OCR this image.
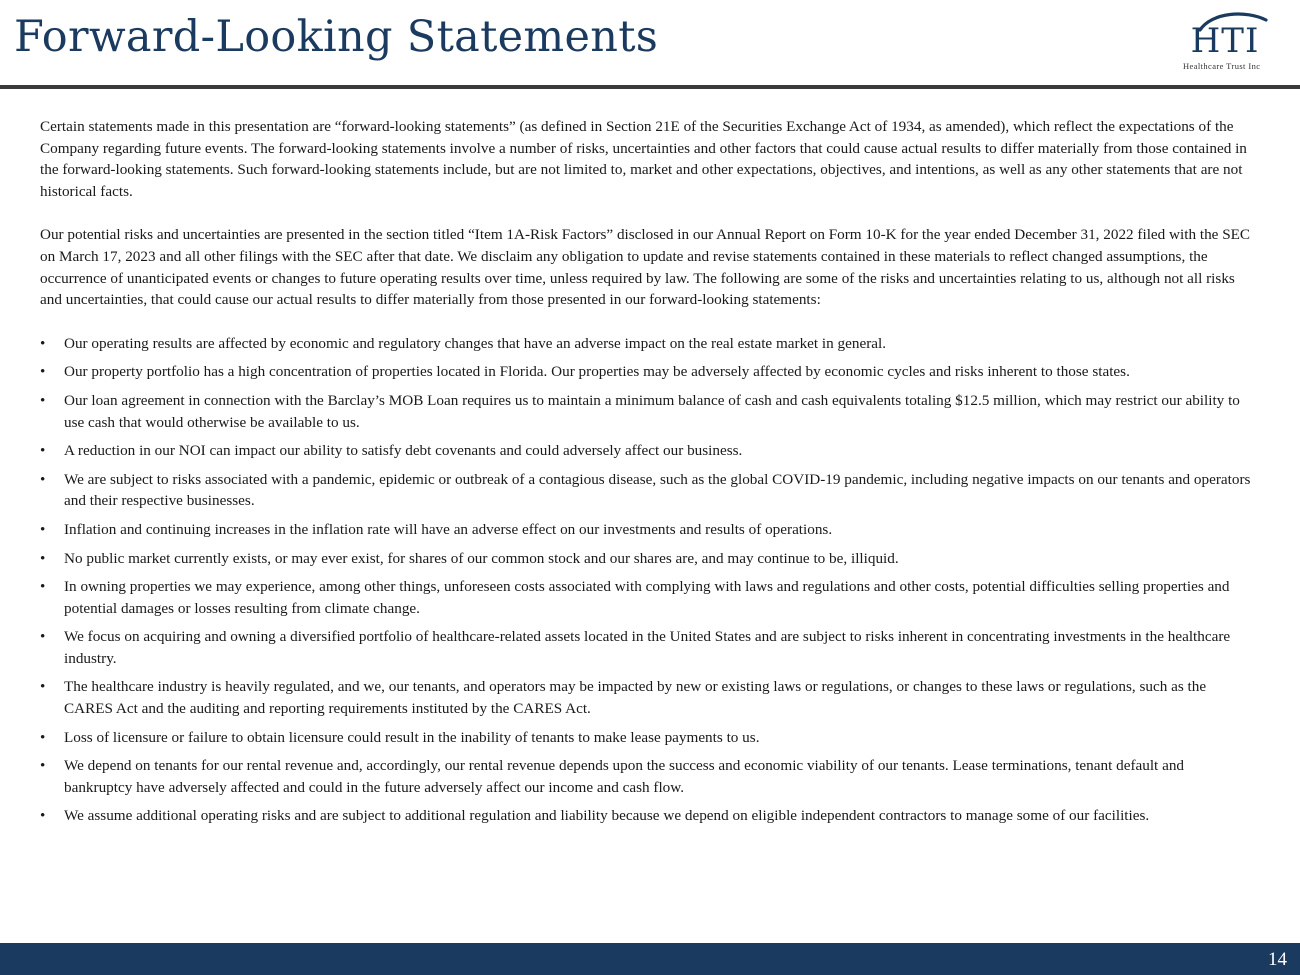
Forward-Looking Statements	HTI
Healthcare Trust Inc

Certain statements made in this presentation are “forward-looking statements” (as defined in Section 21E of the Securities Exchange Act of 1934, as amended), which reflect the expectations of the Company regarding future events. The forward-looking statements involve a number of risks, uncertainties and other factors that could cause actual results to differ materially from those contained in the forward-looking statements. Such forward-looking statements include, but are not limited to, market and other expectations, objectives, and intentions, as well as any other statements that are not historical facts.

Our potential risks and uncertainties are presented in the section titled “Item 1A-Risk Factors” disclosed in our Annual Report on Form 10-K for the year ended December 31, 2022 filed with the SEC on March 17, 2023 and all other filings with the SEC after that date. We disclaim any obligation to update and revise statements contained in these materials to reflect changed assumptions, the occurrence of unanticipated events or changes to future operating results over time, unless required by law. The following are some of the risks and uncertainties relating to us, although not all risks and uncertainties, that could cause our actual results to differ materially from those presented in our forward-looking statements:

• Our operating results are affected by economic and regulatory changes that have an adverse impact on the real estate market in general.
• Our property portfolio has a high concentration of properties located in Florida. Our properties may be adversely affected by economic cycles and risks inherent to those states.
• Our loan agreement in connection with the Barclay’s MOB Loan requires us to maintain a minimum balance of cash and cash equivalents totaling $12.5 million, which may restrict our ability to use cash that would otherwise be available to us.
• A reduction in our NOI can impact our ability to satisfy debt covenants and could adversely affect our business.
• We are subject to risks associated with a pandemic, epidemic or outbreak of a contagious disease, such as the global COVID-19 pandemic, including negative impacts on our tenants and operators and their respective businesses.
• Inflation and continuing increases in the inflation rate will have an adverse effect on our investments and results of operations.
• No public market currently exists, or may ever exist, for shares of our common stock and our shares are, and may continue to be, illiquid.
• In owning properties we may experience, among other things, unforeseen costs associated with complying with laws and regulations and other costs, potential difficulties selling properties and potential damages or losses resulting from climate change.
• We focus on acquiring and owning a diversified portfolio of healthcare-related assets located in the United States and are subject to risks inherent in concentrating investments in the healthcare industry.
• The healthcare industry is heavily regulated, and we, our tenants, and operators may be impacted by new or existing laws or regulations, or changes to these laws or regulations, such as the CARES Act and the auditing and reporting requirements instituted by the CARES Act.
• Loss of licensure or failure to obtain licensure could result in the inability of tenants to make lease payments to us.
• We depend on tenants for our rental revenue and, accordingly, our rental revenue depends upon the success and economic viability of our tenants. Lease terminations, tenant default and bankruptcy have adversely affected and could in the future adversely affect our income and cash flow.
• We assume additional operating risks and are subject to additional regulation and liability because we depend on eligible independent contractors to manage some of our facilities.
14
